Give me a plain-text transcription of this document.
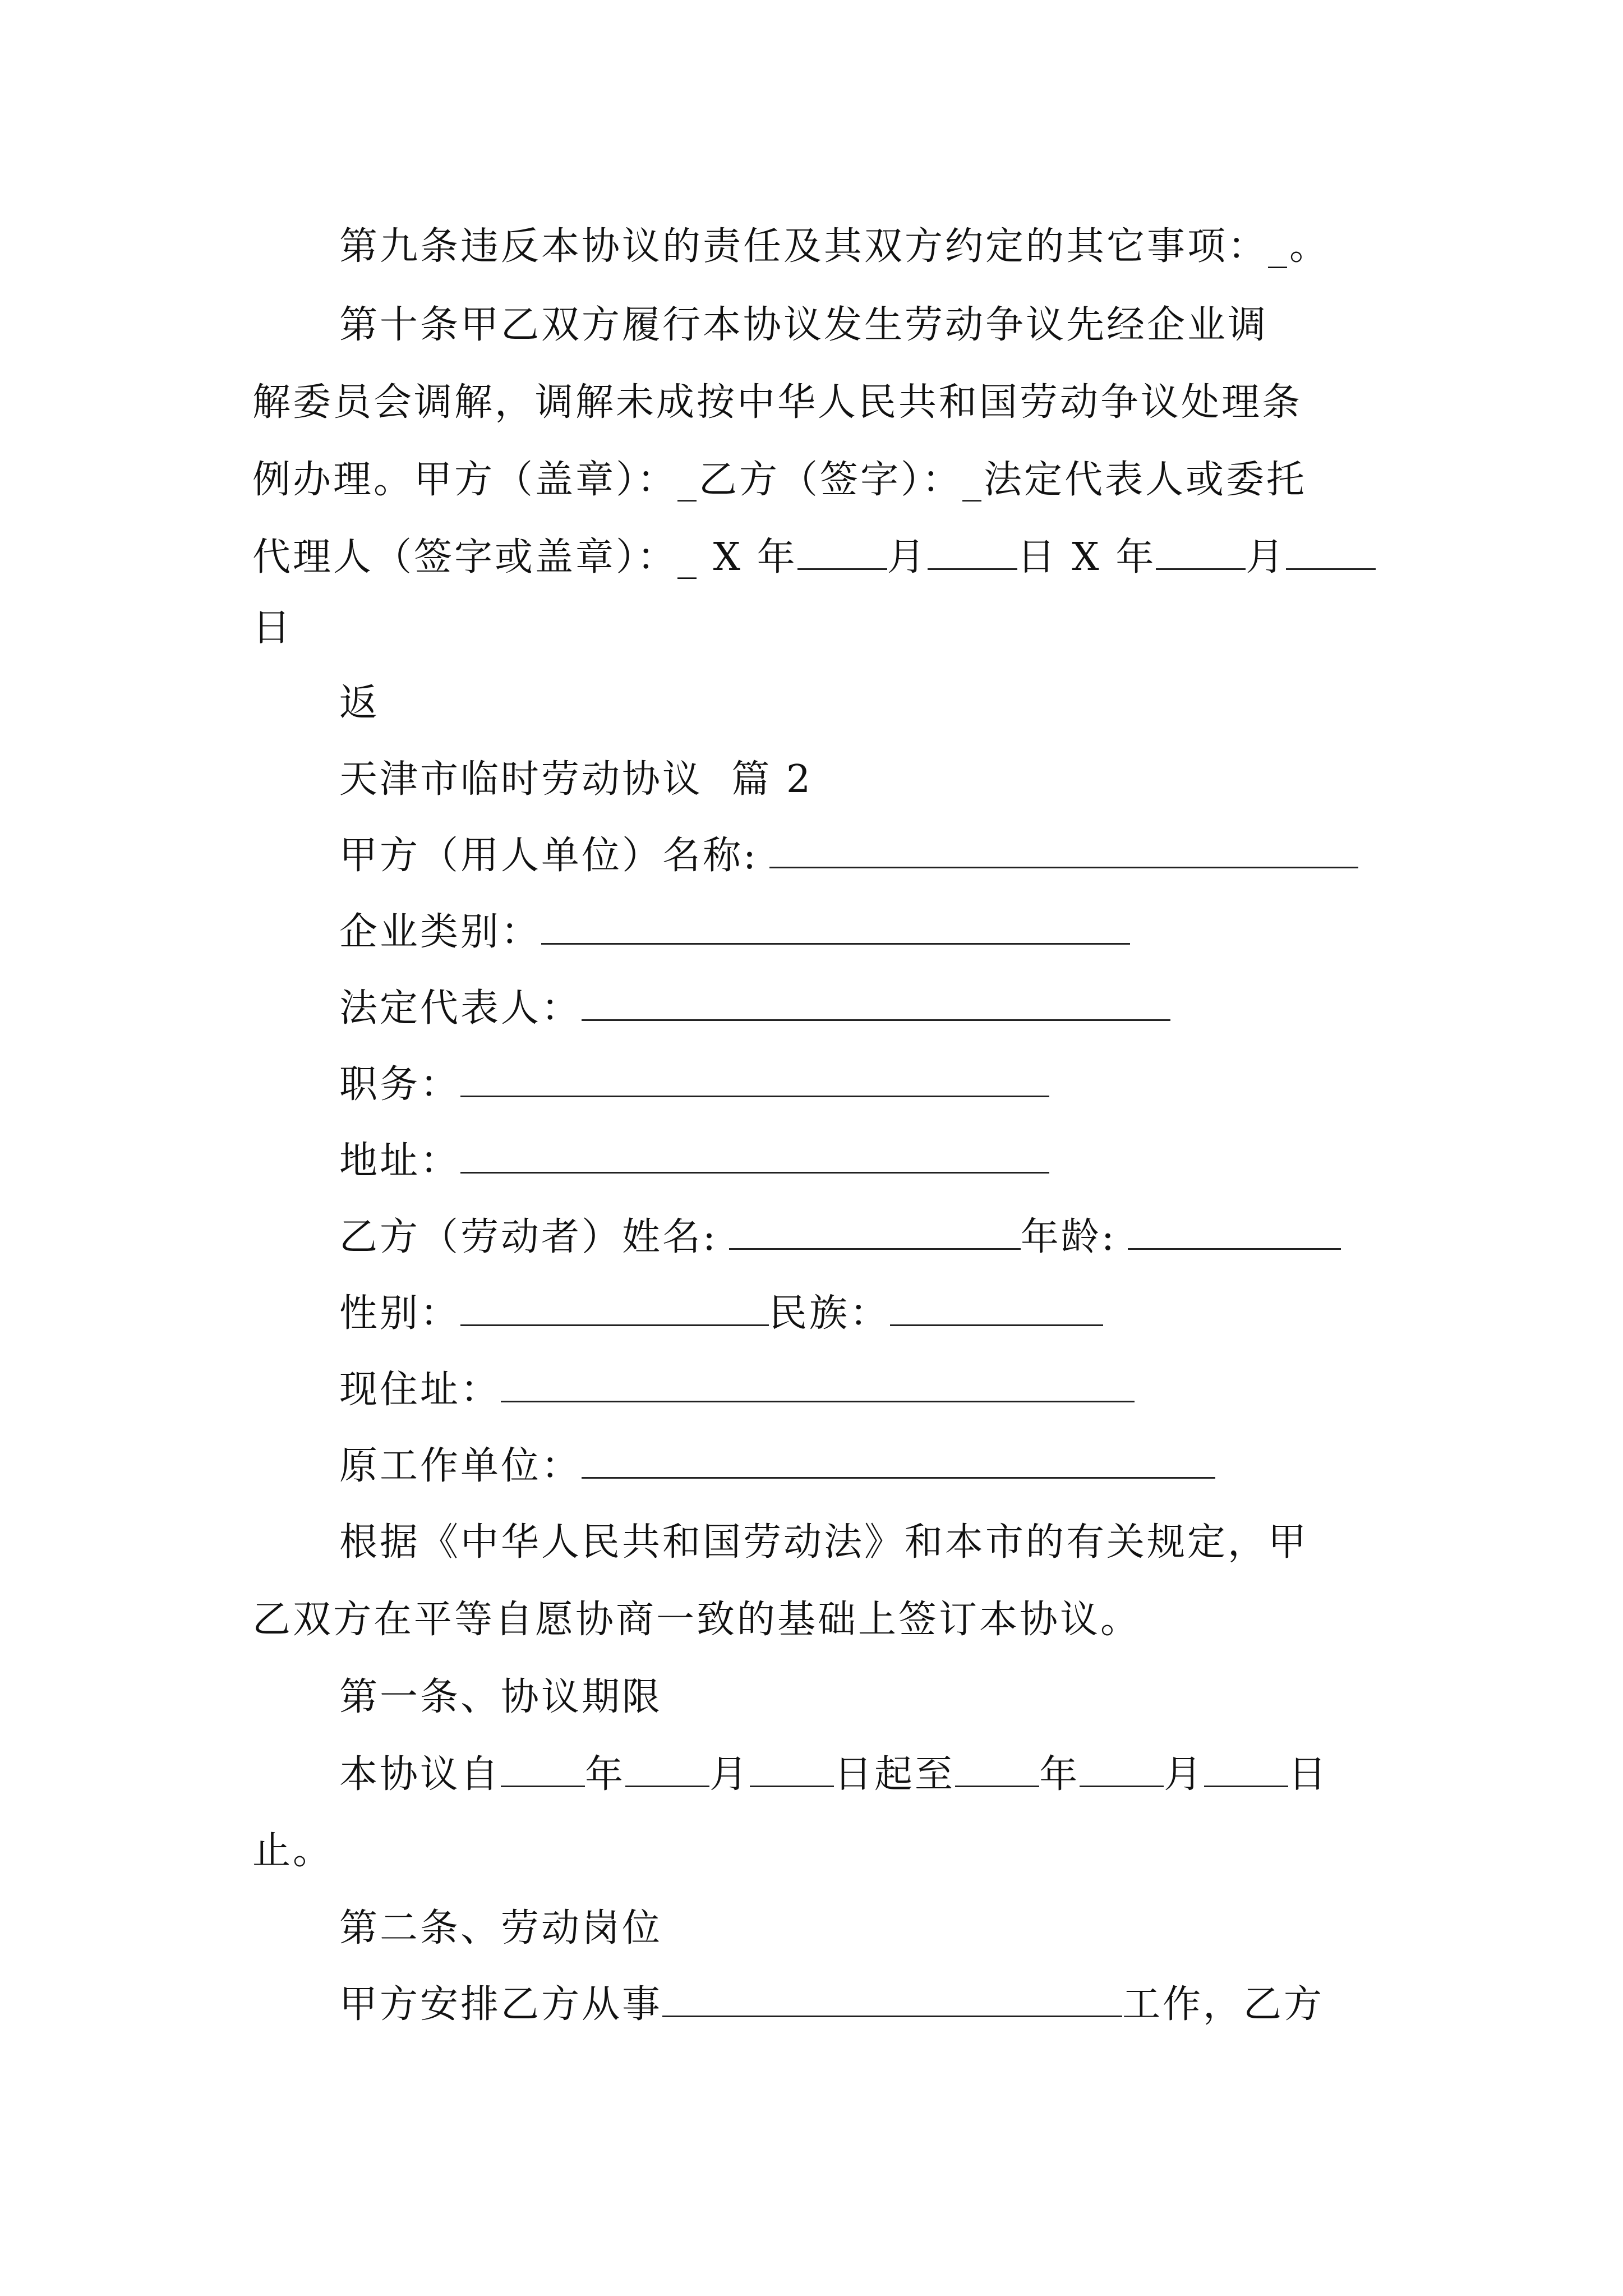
第九条违反本协议的责任及其双方约定的其它事项：_。
第十条甲乙双方履行本协议发生劳动争议先经企业调
解委员会调解，调解未成按中华人民共和国劳动争议处理条
例办理。甲方（盖章）：_乙方（签字）：_法定代表人或委托
代理人（签字或盖章）：_ X 年 月 日 X 年 月
日
返
天津市临时劳动协议  篇 2
甲方（用人单位）名称:
企业类别：
法定代表人：
职务：
地址：
乙方（劳动者）姓名:	年龄:
性别：	民族：
现住址：
原工作单位：
根据《中华人民共和国劳动法》和本市的有关规定，甲
乙双方在平等自愿协商一致的基础上签订本协议。
第一条、协议期限
本协议自 年 月 日起至 年 月 日
止。
第二条、劳动岗位
甲方安排乙方从事	工作，乙方
